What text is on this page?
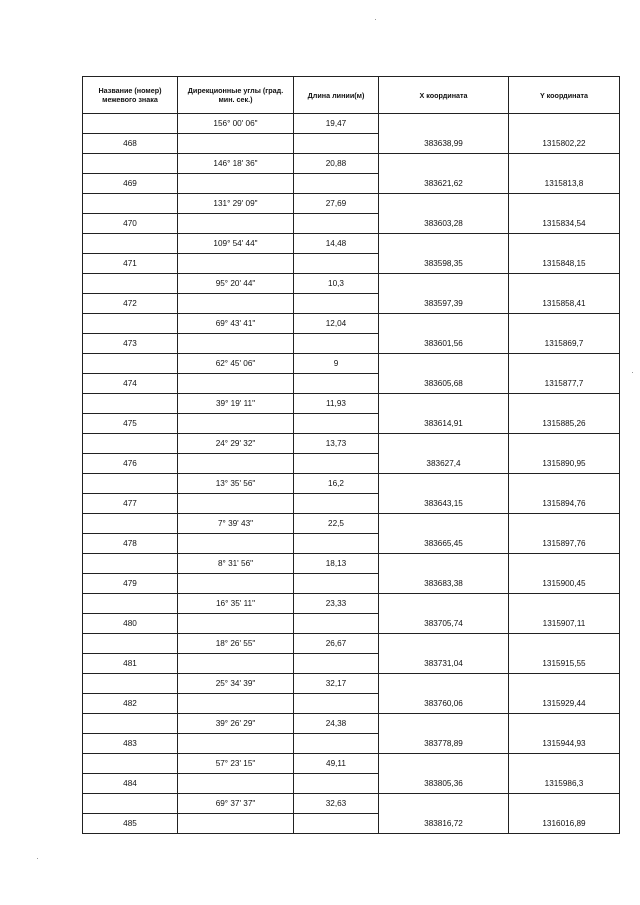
Название (номер) межевого знака	Дирекционные углы (град. мин. сек.)	Длина линии(м)	X координата	Y координата
	156° 00' 06"	19,47		
468			383638,99	1315802,22
	146° 18' 36"	20,88		
469			383621,62	1315813,8
	131° 29' 09"	27,69		
470			383603,28	1315834,54
	109° 54' 44"	14,48		
471			383598,35	1315848,15
	95° 20' 44"	10,3		
472			383597,39	1315858,41
	69° 43' 41"	12,04		
473			383601,56	1315869,7
	62° 45' 06"	9		
474			383605,68	1315877,7
	39° 19' 11"	11,93		
475			383614,91	1315885,26
	24° 29' 32"	13,73		
476			383627,4	1315890,95
	13° 35' 56"	16,2		
477			383643,15	1315894,76
	7° 39' 43"	22,5		
478			383665,45	1315897,76
	8° 31' 56"	18,13		
479			383683,38	1315900,45
	16° 35' 11"	23,33		
480			383705,74	1315907,11
	18° 26' 55"	26,67		
481			383731,04	1315915,55
	25° 34' 39"	32,17		
482			383760,06	1315929,44
	39° 26' 29"	24,38		
483			383778,89	1315944,93
	57° 23' 15"	49,11		
484			383805,36	1315986,3
	69° 37' 37"	32,63		
485			383816,72	1316016,89
